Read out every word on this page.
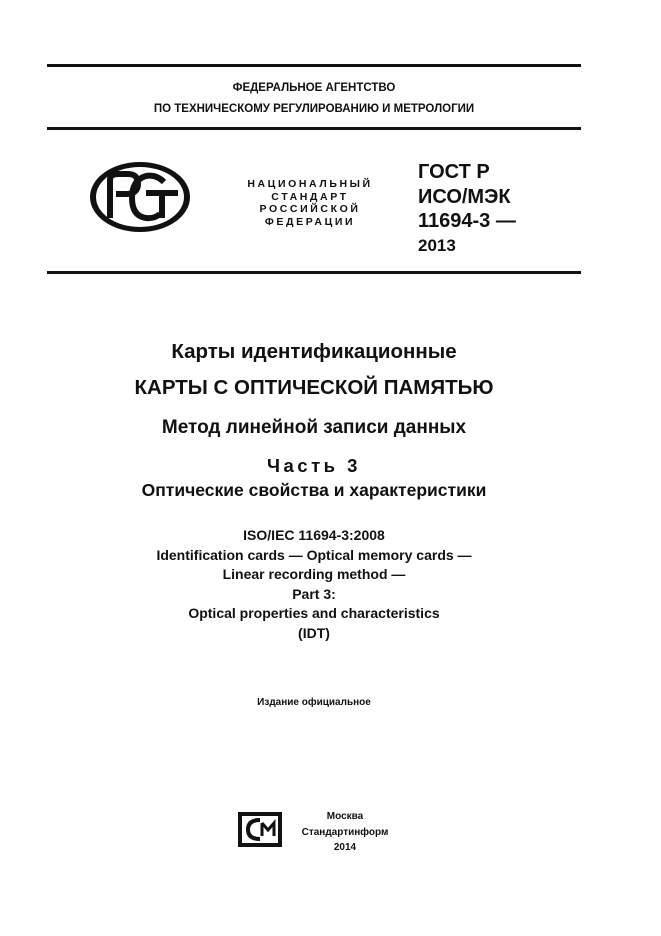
ФЕДЕРАЛЬНОЕ АГЕНТСТВО
ПО ТЕХНИЧЕСКОМУ РЕГУЛИРОВАНИЮ И МЕТРОЛОГИИ
НАЦИОНАЛЬНЫЙ
СТАНДАРТ
РОССИЙСКОЙ
ФЕДЕРАЦИИ
ГОСТ Р
ИСО/МЭК
11694-3 —
2013
Карты идентификационные
КАРТЫ С ОПТИЧЕСКОЙ ПАМЯТЬЮ
Метод линейной записи данных
Часть 3
Оптические свойства и характеристики
ISO/IEC 11694-3:2008
Identification cards — Optical memory cards —
Linear recording method —
Part 3:
Optical properties and characteristics
(IDT)
Издание официальное
Москва
Стандартинформ
2014
